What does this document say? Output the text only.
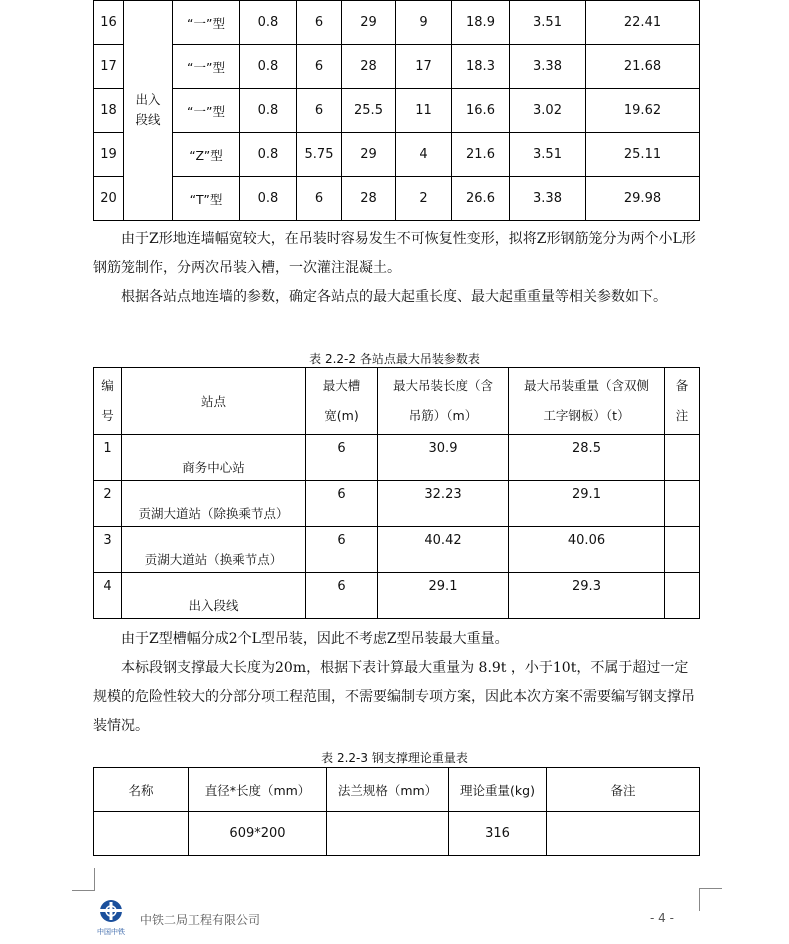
16	出入段线	“一”型	0.8	6	29	9	18.9	3.51	22.41	
17		“一”型	0.8	6	28	17	18.3	3.38	21.68	
18		“一”型	0.8	6	25.5	11	16.6	3.02	19.62	
19		“Z”型	0.8	5.75	29	4	21.6	3.51	25.11	
20		“T”型	0.8	6	28	2	26.6	3.38	29.98	

由于Z形地连墙幅宽较大，在吊装时容易发生不可恢复性变形，拟将Z形钢筋笼分为两个小L形钢筋笼制作，分两次吊装入槽，一次灌注混凝土。

根据各站点地连墙的参数，确定各站点的最大起重长度、最大起重重量等相关参数如下。

表 2.2-2 各站点最大吊装参数表
编
号	站点	最大槽
宽(m)	最大吊装长度（含
吊筋）（m）	最大吊装重量（含双侧
工字钢板）（t）	备
注

1	商务中心站	6	30.9	28.5	

2	贡湖大道站（除换乘节点）	6	32.23	29.1	

3	贡湖大道站（换乘节点）	6	40.42	40.06	

4	出入段线	6	29.1	29.3	

由于Z型槽幅分成2个L型吊装，因此不考虑Z型吊装最大重量。

本标段钢支撑最大长度为20m，根据下表计算最大重量为 8.9t ，小于10t，不属于超过一定规模的危险性较大的分部分项工程范围，不需要编制专项方案，因此本次方案不需要编写钢支撑吊装情况。

表 2.2-3 钢支撑理论重量表
名称	直径*长度（mm）	法兰规格（mm）	理论重量(kg)	备注
	609*200		316	
中国中铁
中铁二局工程有限公司	- 4 -
